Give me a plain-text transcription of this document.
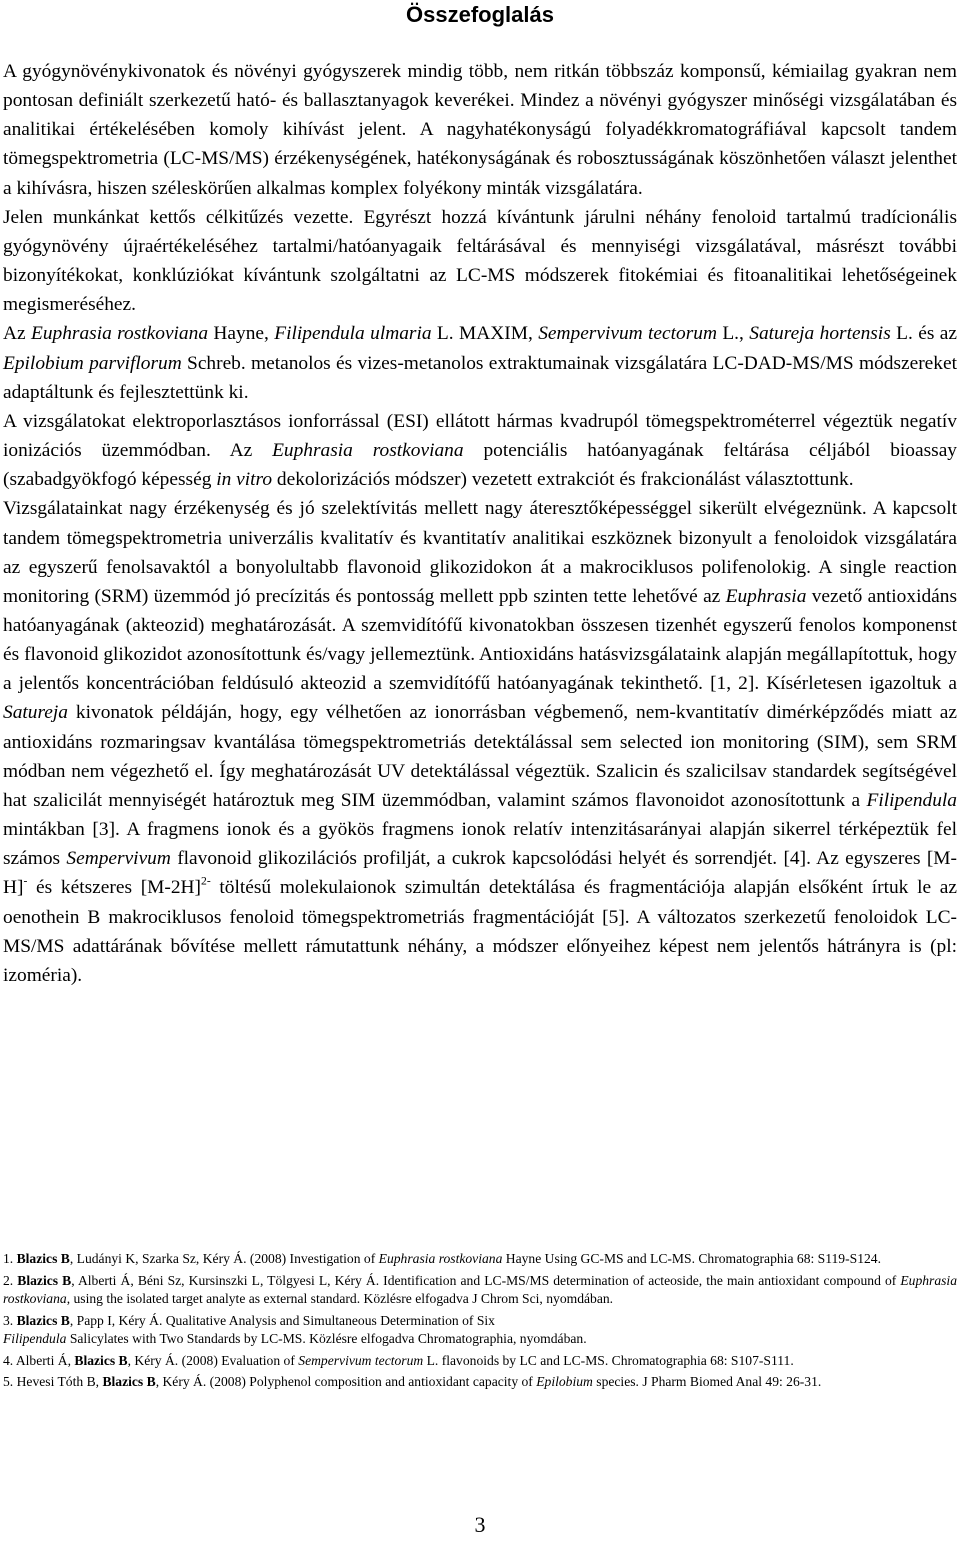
Összefoglalás

A gyógynövénykivonatok és növényi gyógyszerek mindig több, nem ritkán többszáz komponsű, kémiailag gyakran nem pontosan definiált szerkezetű ható- és ballasztanyagok keverékei. Mindez a növényi gyógyszer minőségi vizsgálatában és analitikai értékelésében komoly kihívást jelent. A nagyhatékonyságú folyadékkromatográfiával kapcsolt tandem tömegspektrometria (LC-MS/MS) érzékenységének, hatékonyságának és robosztusságának köszönhetően választ jelenthet a kihívásra, hiszen széleskörűen alkalmas komplex folyékony minták vizsgálatára.

Jelen munkánkat kettős célkitűzés vezette. Egyrészt hozzá kívántunk járulni néhány fenoloid tartalmú tradícionális gyógynövény újraértékeléséhez tartalmi/hatóanyagaik feltárásával és mennyiségi vizsgálatával, másrészt további bizonyítékokat, konklúziókat kívántunk szolgáltatni az LC-MS módszerek fitokémiai és fitoanalitikai lehetőségeinek megismeréséhez.

Az Euphrasia rostkoviana Hayne, Filipendula ulmaria L. MAXIM, Sempervivum tectorum L., Satureja hortensis L. és az Epilobium parviflorum Schreb. metanolos és vizes-metanolos extraktumainak vizsgálatára LC-DAD-MS/MS módszereket adaptáltunk és fejlesztettünk ki.

A vizsgálatokat elektroporlasztásos ionforrással (ESI) ellátott hármas kvadrupól tömegspektrométerrel végeztük negatív ionizációs üzemmódban. Az Euphrasia rostkoviana potenciális hatóanyagának feltárása céljából bioassay (szabadgyökfogó képesség in vitro dekolorizációs módszer) vezetett extrakciót és frakcionálást választottunk.

Vizsgálatainkat nagy érzékenység és jó szelektívitás mellett nagy áteresztőképességgel sikerült elvégeznünk. A kapcsolt tandem tömegspektrometria univerzális kvalitatív és kvantitatív analitikai eszköznek bizonyult a fenoloidok vizsgálatára az egyszerű fenolsavaktól a bonyolultabb flavonoid glikozidokon át a makrociklusos polifenolokig. A single reaction monitoring (SRM) üzemmód jó precízitás és pontosság mellett ppb szinten tette lehetővé az Euphrasia vezető antioxidáns hatóanyagának (akteozid) meghatározását. A szemvidítófű kivonatokban összesen tizenhét egyszerű fenolos komponenst és flavonoid glikozidot azonosítottunk és/vagy jellemeztünk. Antioxidáns hatásvizsgálataink alapján megállapítottuk, hogy a jelentős koncentrációban feldúsuló akteozid a szemvidítófű hatóanyagának tekinthető. [1, 2]. Kísérletesen igazoltuk a Satureja kivonatok példáján, hogy, egy vélhetően az ionorrásban végbemenő, nem-kvantitatív dimérképződés miatt az antioxidáns rozmaringsav kvantálása tömegspektrometriás detektálással sem selected ion monitoring (SIM), sem SRM módban nem végezhető el. Így meghatározását UV detektálással végeztük. Szalicin és szalicilsav standardek segítségével hat szalicilát mennyiségét határoztuk meg SIM üzemmódban, valamint számos flavonoidot azonosítottunk a Filipendula mintákban [3]. A fragmens ionok és a gyökös fragmens ionok relatív intenzitásarányai alapján sikerrel térképeztük fel számos Sempervivum flavonoid glikozilációs profilját, a cukrok kapcsolódási helyét és sorrendjét. [4]. Az egyszeres [M-H]- és kétszeres $[M-2H]^{2-}$ töltésű molekulaionok szimultán detektálása és fragmentációja alapján elsőként írtuk le az oenothein B makrociklusos fenoloid tömegspektrometriás fragmentációját [5]. A változatos szerkezetű fenoloidok LC-MS/MS adattárának bővítése mellett rámutattunk néhány, a módszer előnyeihez képest nem jelentős hátrányra is (pl: izoméria).

1. Blazics B, Ludányi K, Szarka Sz, Kéry Á. (2008) Investigation of Euphrasia rostkoviana Hayne Using GC-MS and LC-MS. Chromatographia 68: S119-S124.

2. Blazics B, Alberti Á, Béni Sz, Kursinszki L, Tölgyesi L, Kéry Á. Identification and LC-MS/MS determination of acteoside, the main antioxidant compound of Euphrasia rostkoviana, using the isolated target analyte as external standard. Közlésre elfogadva J Chrom Sci, nyomdában.

3. Blazics B, Papp I, Kéry Á. Qualitative Analysis and Simultaneous Determination of Six

Filipendula Salicylates with Two Standards by LC-MS. Közlésre elfogadva Chromatographia, nyomdában.

4. Alberti Á, Blazics B, Kéry Á. (2008) Evaluation of Sempervivum tectorum L. flavonoids by LC and LC-MS. Chromatographia 68: S107-S111.

5. Hevesi Tóth B, Blazics B, Kéry Á. (2008) Polyphenol composition and antioxidant capacity of Epilobium species. J Pharm Biomed Anal 49: 26-31.

3
